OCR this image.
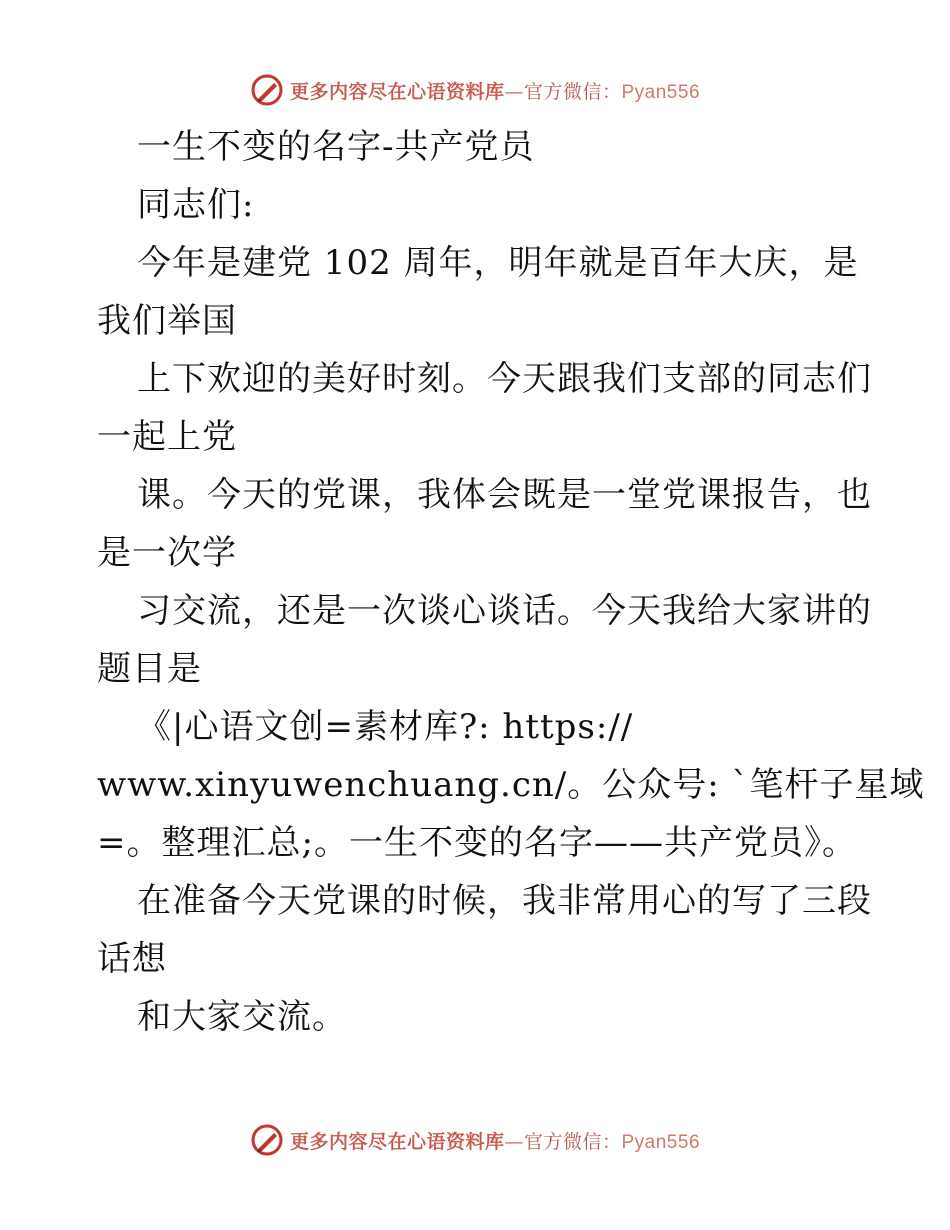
更多内容尽在心语资料库—官方微信：Pyan556
一生不变的名字-共产党员
同志们:
今年是建党 102 周年，明年就是百年大庆，是
我们举国
上下欢迎的美好时刻。今天跟我们支部的同志们
一起上党
课。今天的党课，我体会既是一堂党课报告，也
是一次学
习交流，还是一次谈心谈话。今天我给大家讲的
题目是
《|心语文创=素材库?: https://
www.xinyuwenchuang.cn/。公众号: `笔杆子星域
=。整理汇总;。一生不变的名字——共产党员》。
在准备今天党课的时候，我非常用心的写了三段
话想
和大家交流。
更多内容尽在心语资料库—官方微信：Pyan556
